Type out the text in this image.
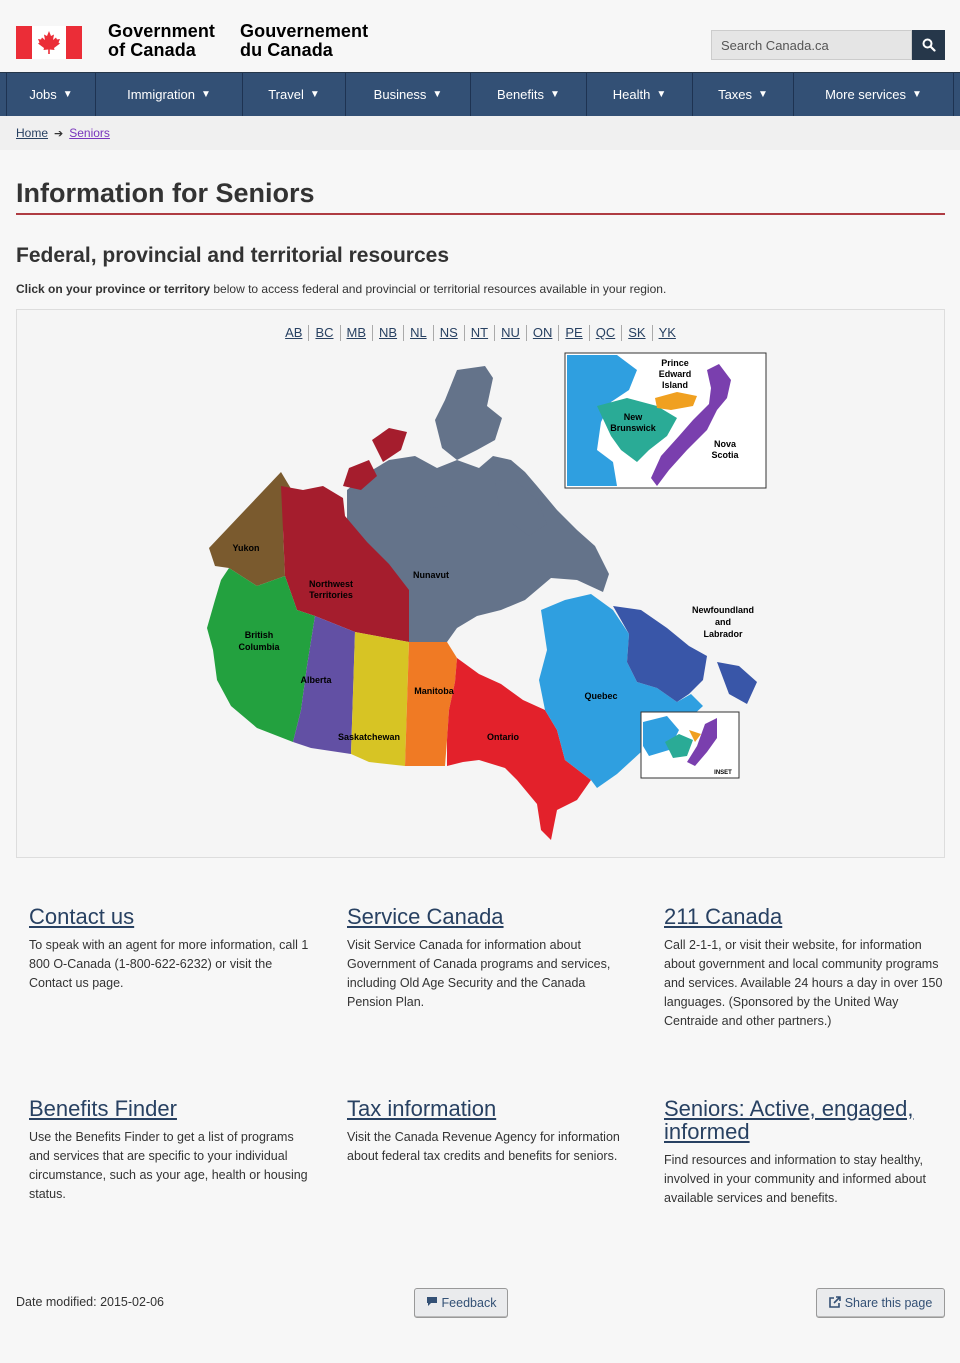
Government
of Canada
Gouvernement
du Canada
Search Canada.ca
Jobs ▼	Immigration ▼	Travel ▼	Business ▼	Benefits ▼	Health ▼	Taxes ▼	More services ▼
Home ➔ Seniors
Information for Seniors
Federal, provincial and territorial resources

Click on your province or territory below to access federal and provincial or territorial resources available in your region.

AB	BC	MB	NB	NL	NS	NT	NU	ON	PE	QC	SK	YK
Yukon
Northwest
Territories
Nunavut
British
Columbia
Alberta
Saskatchewan
Manitoba
Ontario
Quebec
Newfoundland
and
Labrador
INSET
Prince
Edward
Island
New
Brunswick
Nova
Scotia
Contact us

To speak with an agent for more information, call 1 800 O-Canada (1-800-622-6232) or visit the Contact us page.

Service Canada

Visit Service Canada for information about Government of Canada programs and services, including Old Age Security and the Canada Pension Plan.

211 Canada

Call 2-1-1, or visit their website, for information about government and local community programs and services. Available 24 hours a day in over 150 languages. (Sponsored by the United Way Centraide and other partners.)

Benefits Finder

Use the Benefits Finder to get a list of programs and services that are specific to your individual circumstance, such as your age, health or housing status.

Tax information

Visit the Canada Revenue Agency for information about federal tax credits and benefits for seniors.

Seniors: Active, engaged, informed

Find resources and information to stay healthy, involved in your community and informed about available services and benefits.

Date modified: 2015-02-06	Feedback	Share this page
